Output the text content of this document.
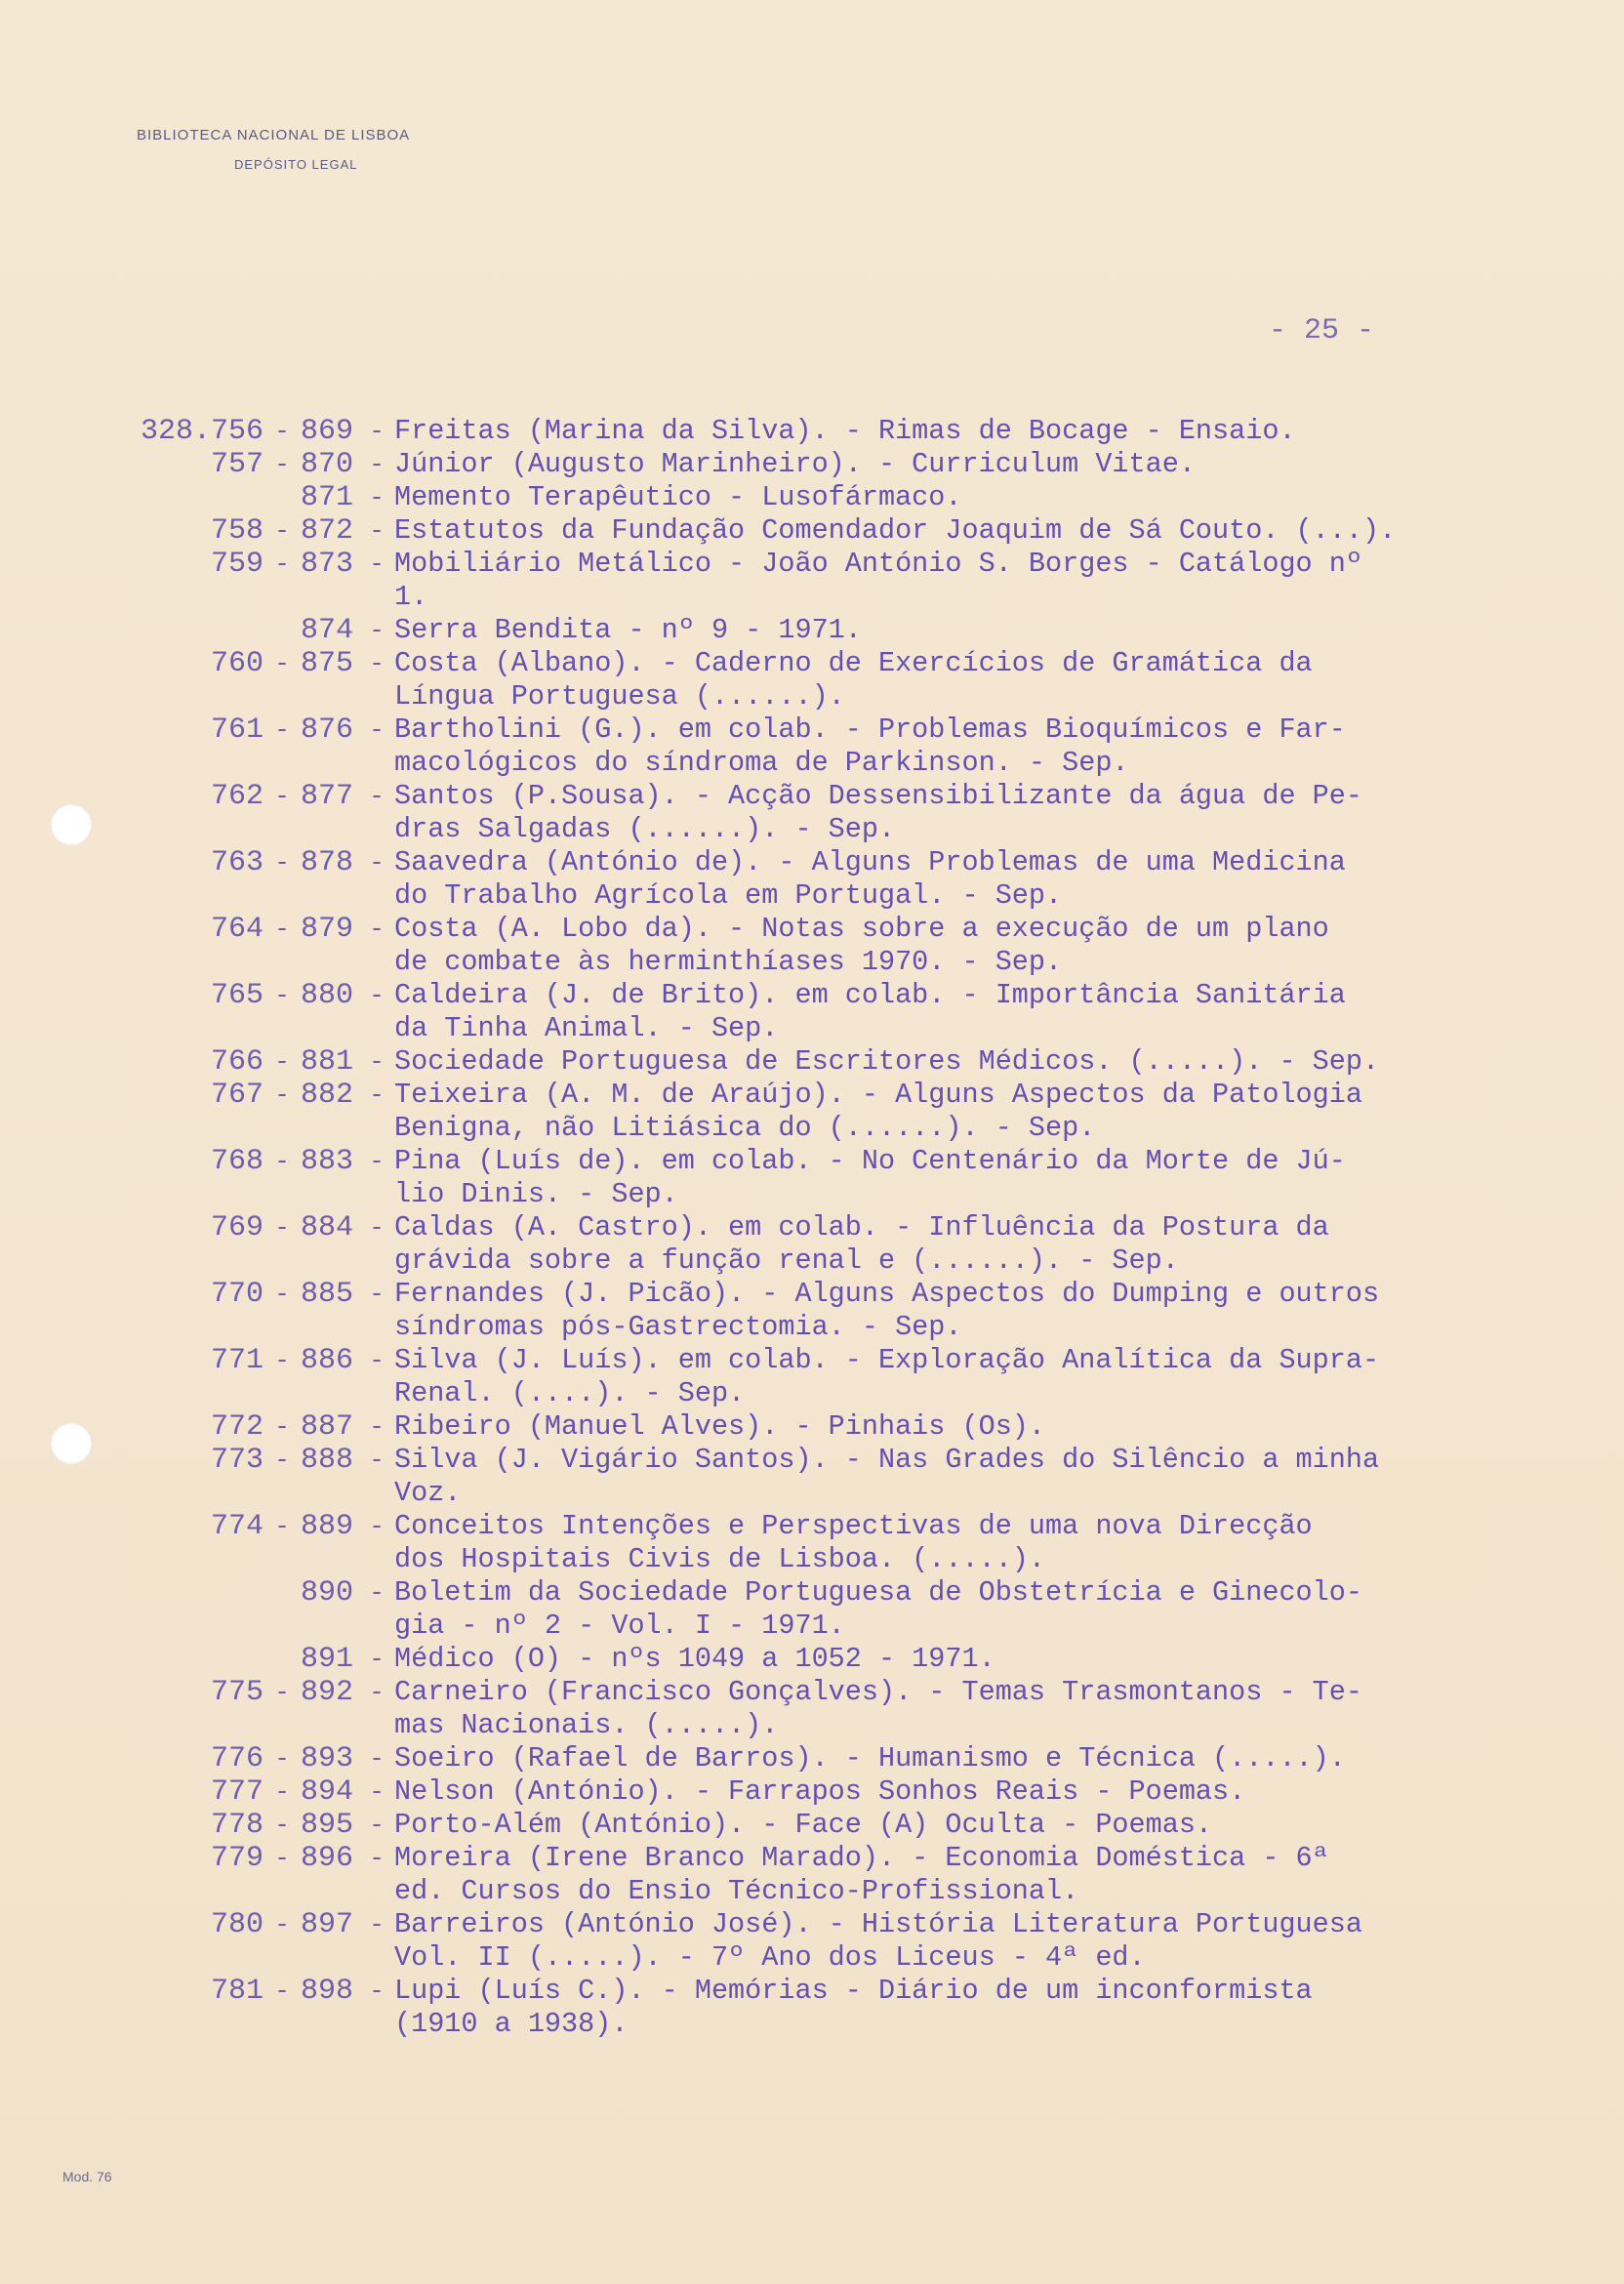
BIBLIOTECA NACIONAL DE LISBOA
DEPÓSITO LEGAL
- 25 -
328.756 - 869 - Freitas (Marina da Silva). - Rimas de Bocage - Ensaio.
757 - 870 - Júnior (Augusto Marinheiro). - Curriculum Vitae.
871 - Memento Terapêutico - Lusofármaco.
758 - 872 - Estatutos da Fundação Comendador Joaquim de Sá Couto. (...).
759 - 873 - Mobiliário Metálico - João António S. Borges - Catálogo nº
1.
874 - Serra Bendita - nº 9 - 1971.
760 - 875 - Costa (Albano). - Caderno de Exercícios de Gramática da
Língua Portuguesa (......).
761 - 876 - Bartholini (G.). em colab. - Problemas Bioquímicos e Far-
macológicos do síndroma de Parkinson. - Sep.
762 - 877 - Santos (P.Sousa). - Acção Dessensibilizante da água de Pe-
dras Salgadas (......). - Sep.
763 - 878 - Saavedra (António de). - Alguns Problemas de uma Medicina
do Trabalho Agrícola em Portugal. - Sep.
764 - 879 - Costa (A. Lobo da). - Notas sobre a execução de um plano
de combate às herminthíases 1970. - Sep.
765 - 880 - Caldeira (J. de Brito). em colab. - Importância Sanitária
da Tinha Animal. - Sep.
766 - 881 - Sociedade Portuguesa de Escritores Médicos. (.....). - Sep.
767 - 882 - Teixeira (A. M. de Araújo). - Alguns Aspectos da Patologia
Benigna, não Litiásica do (......). - Sep.
768 - 883 - Pina (Luís de). em colab. - No Centenário da Morte de Jú-
lio Dinis. - Sep.
769 - 884 - Caldas (A. Castro). em colab. - Influência da Postura da
grávida sobre a função renal e (......). - Sep.
770 - 885 - Fernandes (J. Picão). - Alguns Aspectos do Dumping e outros
síndromas pós-Gastrectomia. - Sep.
771 - 886 - Silva (J. Luís). em colab. - Exploração Analítica da Supra-
Renal. (....). - Sep.
772 - 887 - Ribeiro (Manuel Alves). - Pinhais (Os).
773 - 888 - Silva (J. Vigário Santos). - Nas Grades do Silêncio a minha
Voz.
774 - 889 - Conceitos Intenções e Perspectivas de uma nova Direcção
dos Hospitais Civis de Lisboa. (.....).
890 - Boletim da Sociedade Portuguesa de Obstetrícia e Ginecolo-
gia - nº 2 - Vol. I - 1971.
891 - Médico (O) - nºs 1049 a 1052 - 1971.
775 - 892 - Carneiro (Francisco Gonçalves). - Temas Trasmontanos - Te-
mas Nacionais. (.....).
776 - 893 - Soeiro (Rafael de Barros). - Humanismo e Técnica (.....).
777 - 894 - Nelson (António). - Farrapos Sonhos Reais - Poemas.
778 - 895 - Porto-Além (António). - Face (A) Oculta - Poemas.
779 - 896 - Moreira (Irene Branco Marado). - Economia Doméstica - 6ª
ed. Cursos do Ensio Técnico-Profissional.
780 - 897 - Barreiros (António José). - História Literatura Portuguesa
Vol. II (.....). - 7º Ano dos Liceus - 4ª ed.
781 - 898 - Lupi (Luís C.). - Memórias - Diário de um inconformista
(1910 a 1938).
Mod. 76
